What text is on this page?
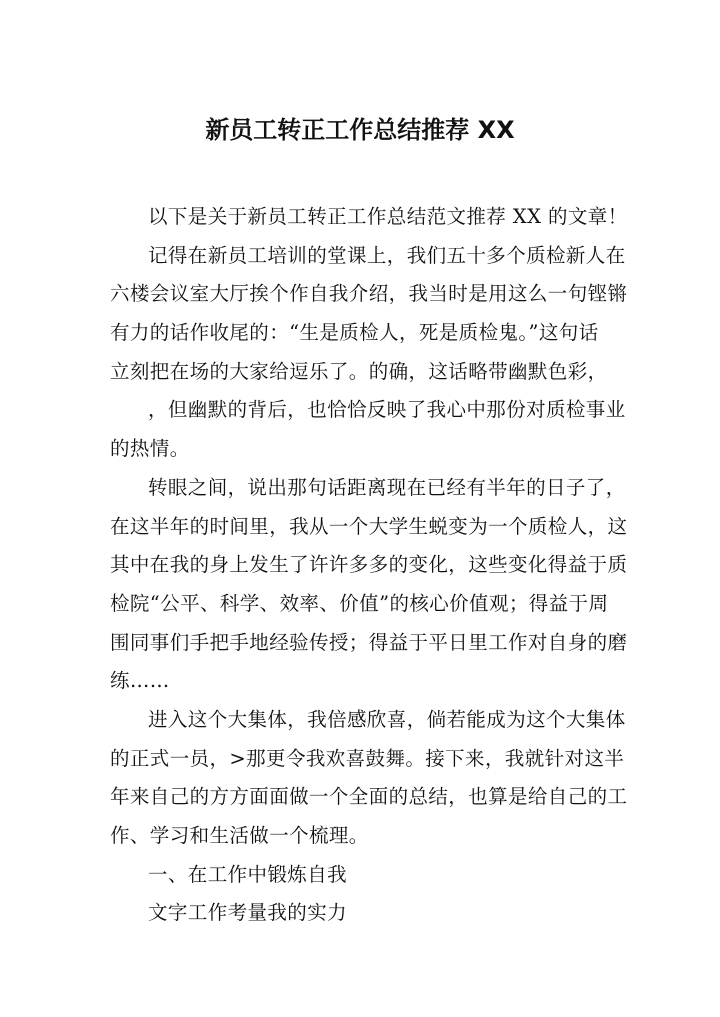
新员工转正工作总结推荐 XX
以下是关于新员工转正工作总结范文推荐 XX 的文章！
记得在新员工培训的堂课上，我们五十多个质检新人在
六楼会议室大厅挨个作自我介绍，我当时是用这么一句铿锵
有力的话作收尾的：“生是质检人，死是质检鬼。”这句话
立刻把在场的大家给逗乐了。的确，这话略带幽默色彩，
，但幽默的背后，也恰恰反映了我心中那份对质检事业
的热情。
转眼之间，说出那句话距离现在已经有半年的日子了，
在这半年的时间里，我从一个大学生蜕变为一个质检人，这
其中在我的身上发生了许许多多的变化，这些变化得益于质
检院“公平、科学、效率、价值”的核心价值观；得益于周
围同事们手把手地经验传授；得益于平日里工作对自身的磨
练……
进入这个大集体，我倍感欣喜，倘若能成为这个大集体
的正式一员，>那更令我欢喜鼓舞。接下来，我就针对这半
年来自己的方方面面做一个全面的总结，也算是给自己的工
作、学习和生活做一个梳理。
一、在工作中锻炼自我
文字工作考量我的实力
